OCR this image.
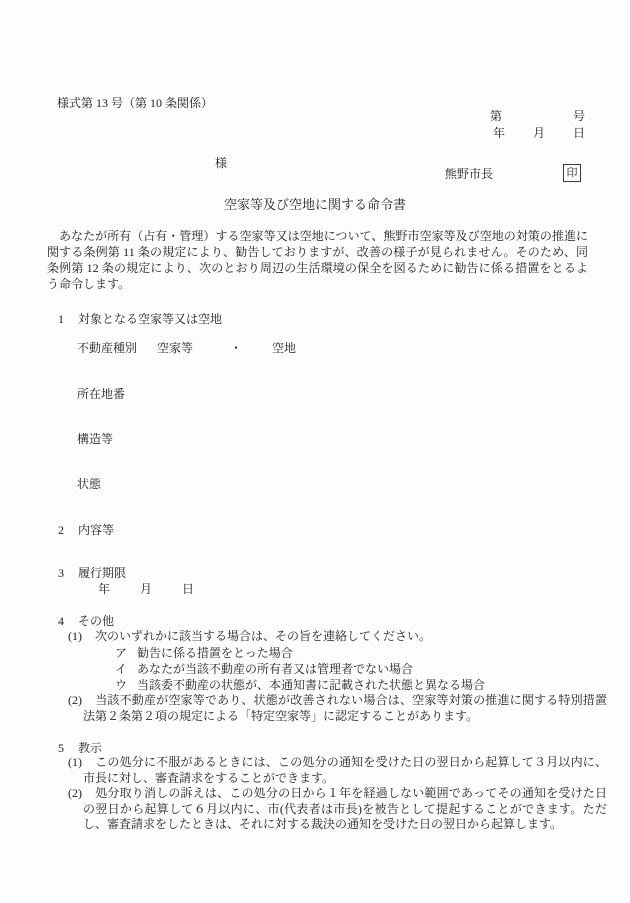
様式第 13 号（第 10 条関係）
第	号
年 月 日
様
熊野市長	印
空家等及び空地に関する命令書
あなたが所有（占有・管理）する空家等又は空地について、熊野市空家等及び空地の対策の推進に関する条例第 11 条の規定により、勧告しておりますが、改善の様子が見られません。そのため、同条例第 12 条の規定により、次のとおり周辺の生活環境の保全を図るために勧告に係る措置をとるよう命令します。
1 対象となる空家等又は空地
不動産種別 空家等	・ 空地
所在地番
構造等
状態
2 内容等
3 履行期限
年 月 日
4 その他
(1) 次のいずれかに該当する場合は、その旨を連絡してください。
ア 勧告に係る措置をとった場合
イ あなたが当該不動産の所有者又は管理者でない場合
ウ 当該委不動産の状態が、本通知書に記載された状態と異なる場合
(2) 当該不動産が空家等であり、状態が改善されない場合は、空家等対策の推進に関する特別措置法第２条第２項の規定による「特定空家等」に認定することがあります。
5 教示
(1) この処分に不服があるときには、この処分の通知を受けた日の翌日から起算して３月以内に、市長に対し、審査請求をすることができます。
(2) 処分取り消しの訴えは、この処分の日から１年を経過しない範囲であってその通知を受けた日の翌日から起算して６月以内に、市(代表者は市長)を被告として提起することができます。ただし、審査請求をしたときは、それに対する裁決の通知を受けた日の翌日から起算します。
